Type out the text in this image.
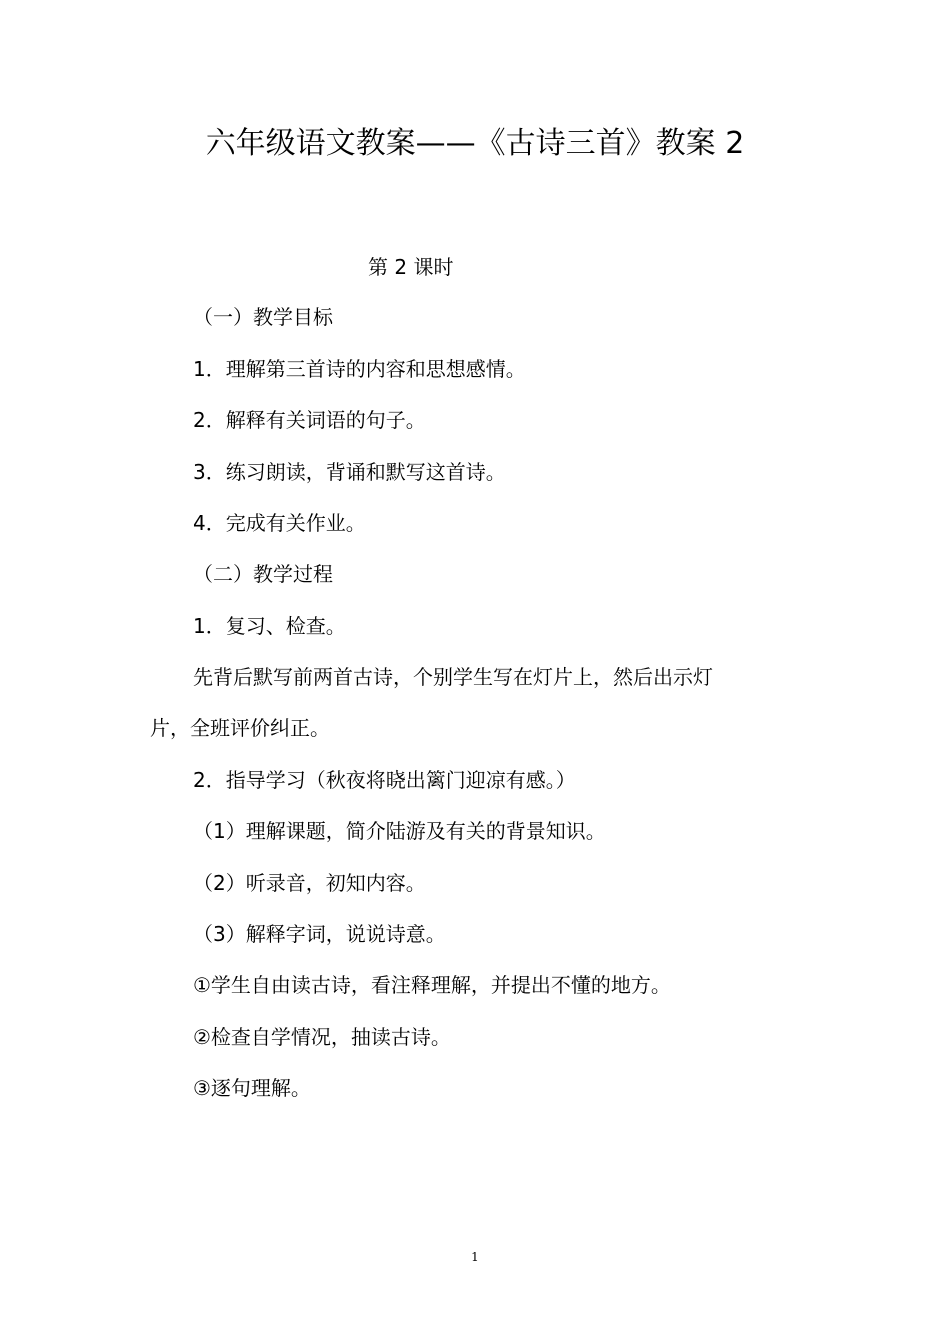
六年级语文教案——《古诗三首》教案 2
第 2 课时
（一）教学目标
1．理解第三首诗的内容和思想感情。
2．解释有关词语的句子。
3．练习朗读，背诵和默写这首诗。
4．完成有关作业。
（二）教学过程
1．复习、检查。
先背后默写前两首古诗，个别学生写在灯片上，然后出示灯
片，全班评价纠正。
2．指导学习（秋夜将晓出篱门迎凉有感。）
（1）理解课题，简介陆游及有关的背景知识。
（2）听录音，初知内容。
（3）解释字词，说说诗意。
①学生自由读古诗，看注释理解，并提出不懂的地方。
②检查自学情况，抽读古诗。
③逐句理解。
1
